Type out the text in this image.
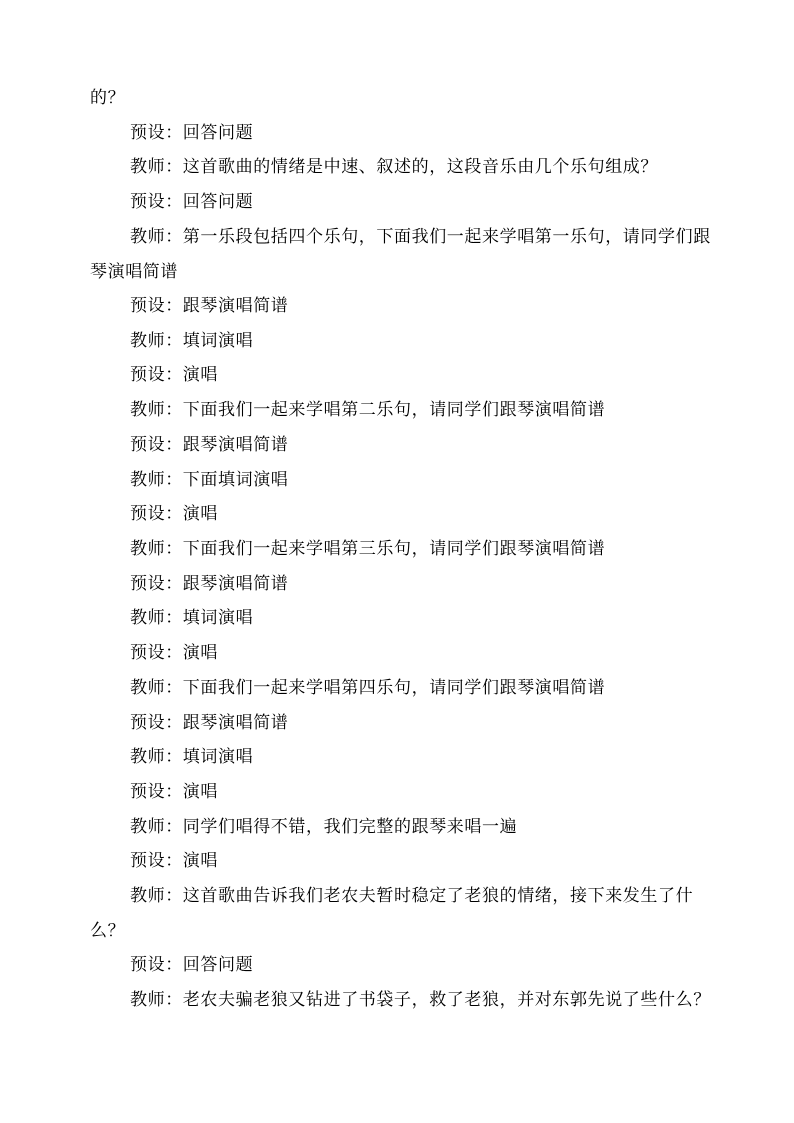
的？

预设：回答问题

教师：这首歌曲的情绪是中速、叙述的，这段音乐由几个乐句组成？

预设：回答问题

教师：第一乐段包括四个乐句，下面我们一起来学唱第一乐句，请同学们跟琴演唱简谱

预设：跟琴演唱简谱

教师：填词演唱

预设：演唱

教师：下面我们一起来学唱第二乐句，请同学们跟琴演唱简谱

预设：跟琴演唱简谱

教师：下面填词演唱

预设：演唱

教师：下面我们一起来学唱第三乐句，请同学们跟琴演唱简谱

预设：跟琴演唱简谱

教师：填词演唱

预设：演唱

教师：下面我们一起来学唱第四乐句，请同学们跟琴演唱简谱

预设：跟琴演唱简谱

教师：填词演唱

预设：演唱

教师：同学们唱得不错，我们完整的跟琴来唱一遍

预设：演唱

教师：这首歌曲告诉我们老农夫暂时稳定了老狼的情绪，接下来发生了什么？

预设：回答问题

教师：老农夫骗老狼又钻进了书袋子，救了老狼，并对东郭先说了些什么？
